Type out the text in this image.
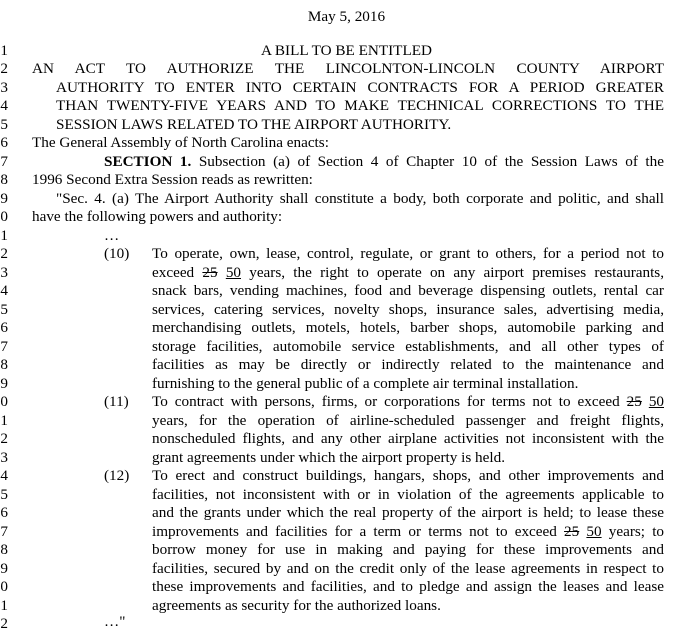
May 5, 2016
1
2
3
4
5
6
7
8
9
0
1
2
3
4
5
6
7
8
9
0
1
2
3
4
5
6
7
8
9
0
1
2
A BILL TO BE ENTITLED
AN ACT TO AUTHORIZE THE LINCOLNTON-LINCOLN COUNTY AIRPORT
AUTHORITY TO ENTER INTO CERTAIN CONTRACTS FOR A PERIOD GREATER
THAN TWENTY-FIVE YEARS AND TO MAKE TECHNICAL CORRECTIONS TO THE
SESSION LAWS RELATED TO THE AIRPORT AUTHORITY.
The General Assembly of North Carolina enacts:
SECTION 1. Subsection (a) of Section 4 of Chapter 10 of the Session Laws of the
1996 Second Extra Session reads as rewritten:
"Sec. 4. (a) The Airport Authority shall constitute a body, both corporate and politic, and shall
have the following powers and authority:
…
(10) To operate, own, lease, control, regulate, or grant to others, for a period not to
exceed 25 50 years, the right to operate on any airport premises restaurants,
snack bars, vending machines, food and beverage dispensing outlets, rental car
services, catering services, novelty shops, insurance sales, advertising media,
merchandising outlets, motels, hotels, barber shops, automobile parking and
storage facilities, automobile service establishments, and all other types of
facilities as may be directly or indirectly related to the maintenance and
furnishing to the general public of a complete air terminal installation.
(11) To contract with persons, firms, or corporations for terms not to exceed 25 50
years, for the operation of airline-scheduled passenger and freight flights,
nonscheduled flights, and any other airplane activities not inconsistent with the
grant agreements under which the airport property is held.
(12) To erect and construct buildings, hangars, shops, and other improvements and
facilities, not inconsistent with or in violation of the agreements applicable to
and the grants under which the real property of the airport is held; to lease these
improvements and facilities for a term or terms not to exceed 25 50 years; to
borrow money for use in making and paying for these improvements and
facilities, secured by and on the credit only of the lease agreements in respect to
these improvements and facilities, and to pledge and assign the leases and lease
agreements as security for the authorized loans.
…"
